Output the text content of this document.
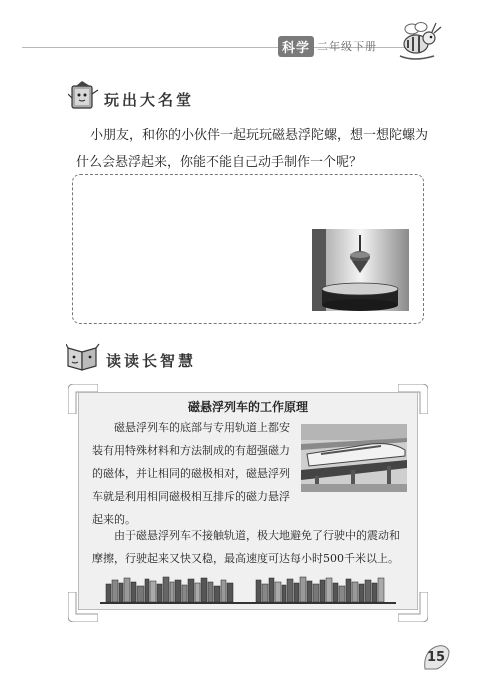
科学 二年级下册
玩出大名堂

小朋友，和你的小伙伴一起玩玩磁悬浮陀螺，想一想陀螺为什么会悬浮起来，你能不能自己动手制作一个呢？

读读长智慧
磁悬浮列车的工作原理

磁悬浮列车的底部与专用轨道上都安装有用特殊材料和方法制成的有超强磁力的磁体，并让相同的磁极相对，磁悬浮列车就是利用相同磁极相互排斥的磁力悬浮起来的。

由于磁悬浮列车不接触轨道，极大地避免了行驶中的震动和摩擦，行驶起来又快又稳，最高速度可达每小时500千米以上。

15
